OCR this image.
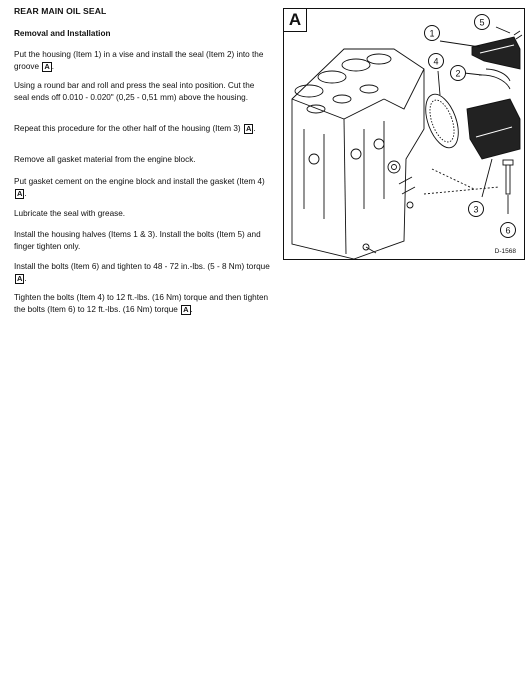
REAR MAIN OIL SEAL
Removal and Installation
Put the housing (Item 1) in a vise and install the seal (Item 2) into the groove A .
Using a round bar and roll and press the seal into position. Cut the seal ends off 0.010 - 0.020" (0,25 - 0,51 mm) above the housing.
Repeat this procedure for the other half of the housing (Item 3) A .
Remove all gasket material from the engine block.
Put gasket cement on the engine block and install the gasket (Item 4) A .
Lubricate the seal with grease.
Install the housing halves (Items 1 & 3). Install the bolts (Item 5) and finger tighten only.
Install the bolts (Item 6) and tighten to 48 - 72 in.-lbs. (5 - 8 Nm) torque A .
Tighten the bolts (Item 4) to 12 ft.-lbs. (16 Nm) torque and then tighten the bolts (Item 6) to 12 ft.-lbs. (16 Nm) torque A .
1
2
3
4
5
6
A
D-1568
